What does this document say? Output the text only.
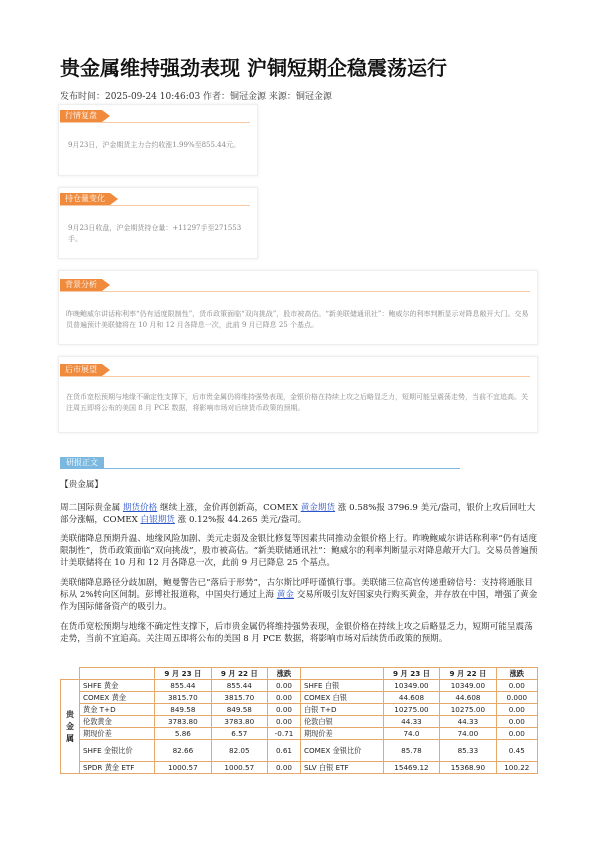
贵金属维持强劲表现 沪铜短期企稳震荡运行
发布时间：2025-09-24 10:46:03 作者：铜冠金源 来源：铜冠金源
行情复盘
9月23日，沪金期货主力合约收涨1.99%至855.44元。
持仓量变化
9月23日收盘，沪金期货持仓量：+11297手至271553手。
背景分析
昨晚鲍威尔讲话称利率“仍有适度限制性”，货币政策面临“双向挑战”，股市被高估。“新美联储通讯社”：鲍威尔的利率判断显示对降息敞开大门。交易员普遍预计美联储将在 10 月和 12 月各降息一次，此前 9 月已降息 25 个基点。
后市展望
在货币宽松预期与地缘不确定性支撑下，后市贵金属仍将维持强势表现，金银价格在持续上攻之后略显乏力，短期可能呈震荡走势，当前不宜追高。关注周五即将公布的美国 8 月 PCE 数据，将影响市场对后续货币政策的预期。
研报正文
【贵金属】
周二国际贵金属 期货价格 继续上涨，金价再创新高，COMEX 黄金期货 涨 0.58%报 3796.9 美元/盎司，银价上攻后回吐大部分涨幅，COMEX 白银期货 涨 0.12%报 44.265 美元/盎司。
美联储降息预期升温、地缘风险加剧、美元走弱及金银比修复等因素共同推动金银价格上行。昨晚鲍威尔讲话称利率“仍有适度限制性”，货币政策面临“双向挑战”，股市被高估。“新美联储通讯社”：鲍威尔的利率判断显示对降息敞开大门。交易员普遍预计美联储将在 10 月和 12 月各降息一次，此前 9 月已降息 25 个基点。
美联储降息路径分歧加剧，鲍曼警告已“落后于形势”，古尔斯比呼吁谨慎行事。美联储三位高官传递重磅信号：支持将通胀目标从 2%转向区间制。彭博社报道称，中国央行通过上海 黄金 交易所吸引友好国家央行购买黄金，并存放在中国，增强了黄金作为国际储备资产的吸引力。
在货币宽松预期与地缘不确定性支撑下，后市贵金属仍将维持强势表现，金银价格在持续上攻之后略显乏力，短期可能呈震荡走势，当前不宜追高。关注周五即将公布的美国 8 月 PCE 数据，将影响市场对后续货币政策的预期。
		9 月 23 日	9 月 22 日	涨跌		9 月 23 日	9 月 22 日	涨跌
贵
金
属	SHFE 黄金	855.44	855.44	0.00	SHFE 白银	10349.00	10349.00	0.00
	COMEX 黄金	3815.70	3815.70	0.00	COMEX 白银	44.608	44.608	0.000
	黄金 T+D	849.58	849.58	0.00	白银 T+D	10275.00	10275.00	0.00
	伦敦黄金	3783.80	3783.80	0.00	伦敦白银	44.33	44.33	0.00
	期现价差	5.86	6.57	-0.71	期现价差	74.0	74.00	0.00
	SHFE 金银比价	82.66	82.05	0.61	COMEX 金银比价	85.78	85.33	0.45
	SPDR 黄金 ETF	1000.57	1000.57	0.00	SLV 白银 ETF	15469.12	15368.90	100.22
